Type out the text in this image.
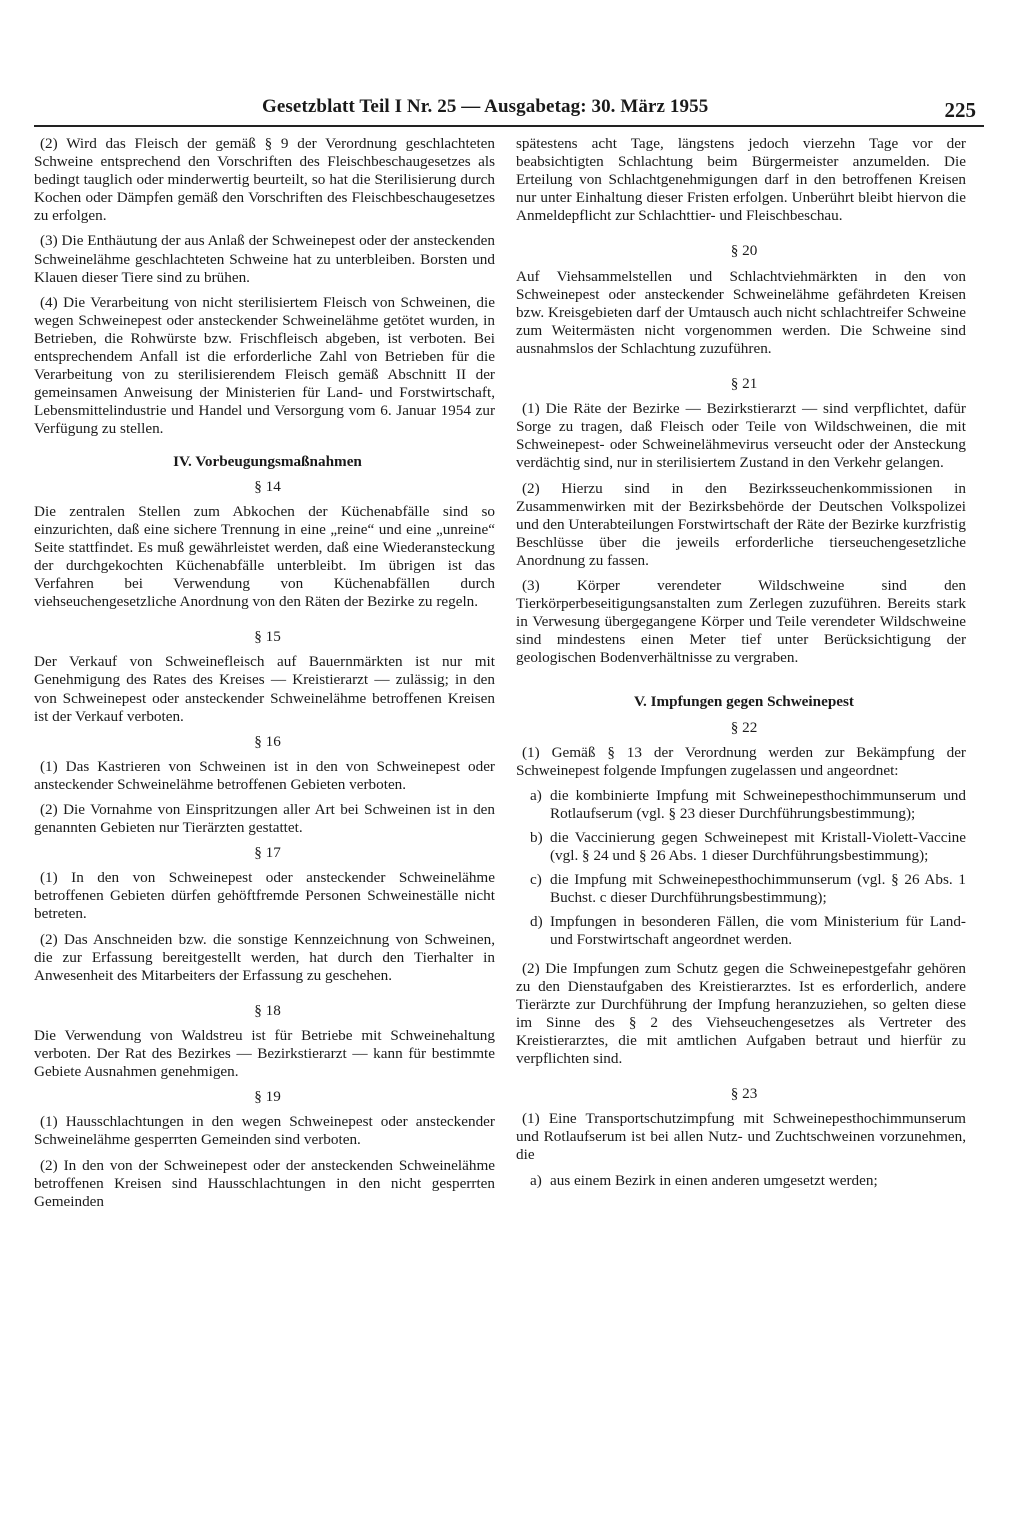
Gesetzblatt Teil I Nr. 25 — Ausgabetag: 30. März 1955	225

(2) Wird das Fleisch der gemäß § 9 der Verordnung geschlachteten Schweine entsprechend den Vorschriften des Fleischbeschaugesetzes als bedingt tauglich oder minderwertig beurteilt, so hat die Sterilisierung durch Kochen oder Dämpfen gemäß den Vorschriften des Fleischbeschaugesetzes zu erfolgen.

(3) Die Enthäutung der aus Anlaß der Schweinepest oder der ansteckenden Schweinelähme geschlachteten Schweine hat zu unterbleiben. Borsten und Klauen dieser Tiere sind zu brühen.

(4) Die Verarbeitung von nicht sterilisiertem Fleisch von Schweinen, die wegen Schweinepest oder ansteckender Schweinelähme getötet wurden, in Betrieben, die Rohwürste bzw. Frischfleisch abgeben, ist verboten. Bei entsprechendem Anfall ist die erforderliche Zahl von Betrieben für die Verarbeitung von zu sterilisierendem Fleisch gemäß Abschnitt II der gemeinsamen Anweisung der Ministerien für Land- und Forstwirtschaft, Lebensmittelindustrie und Handel und Versorgung vom 6. Januar 1954 zur Verfügung zu stellen.

IV. Vorbeugungsmaßnahmen

§ 14

Die zentralen Stellen zum Abkochen der Küchenabfälle sind so einzurichten, daß eine sichere Trennung in eine „reine“ und eine „unreine“ Seite stattfindet. Es muß gewährleistet werden, daß eine Wiederansteckung der durchgekochten Küchenabfälle unterbleibt. Im übrigen ist das Verfahren bei Verwendung von Küchenabfällen durch viehseuchengesetzliche Anordnung von den Räten der Bezirke zu regeln.

§ 15

Der Verkauf von Schweinefleisch auf Bauernmärkten ist nur mit Genehmigung des Rates des Kreises — Kreistierarzt — zulässig; in den von Schweinepest oder ansteckender Schweinelähme betroffenen Kreisen ist der Verkauf verboten.

§ 16

(1) Das Kastrieren von Schweinen ist in den von Schweinepest oder ansteckender Schweinelähme betroffenen Gebieten verboten.

(2) Die Vornahme von Einspritzungen aller Art bei Schweinen ist in den genannten Gebieten nur Tierärzten gestattet.

§ 17

(1) In den von Schweinepest oder ansteckender Schweinelähme betroffenen Gebieten dürfen gehöftfremde Personen Schweineställe nicht betreten.

(2) Das Anschneiden bzw. die sonstige Kennzeichnung von Schweinen, die zur Erfassung bereitgestellt werden, hat durch den Tierhalter in Anwesenheit des Mitarbeiters der Erfassung zu geschehen.

§ 18

Die Verwendung von Waldstreu ist für Betriebe mit Schweinehaltung verboten. Der Rat des Bezirkes — Bezirkstierarzt — kann für bestimmte Gebiete Ausnahmen genehmigen.

§ 19

(1) Hausschlachtungen in den wegen Schweinepest oder ansteckender Schweinelähme gesperrten Gemeinden sind verboten.

(2) In den von der Schweinepest oder der ansteckenden Schweinelähme betroffenen Kreisen sind Hausschlachtungen in den nicht gesperrten Gemeinden

spätestens acht Tage, längstens jedoch vierzehn Tage vor der beabsichtigten Schlachtung beim Bürgermeister anzumelden. Die Erteilung von Schlachtgenehmigungen darf in den betroffenen Kreisen nur unter Einhaltung dieser Fristen erfolgen. Unberührt bleibt hiervon die Anmeldepflicht zur Schlachttier- und Fleischbeschau.

§ 20

Auf Viehsammelstellen und Schlachtviehmärkten in den von Schweinepest oder ansteckender Schweinelähme gefährdeten Kreisen bzw. Kreisgebieten darf der Umtausch auch nicht schlachtreifer Schweine zum Weitermästen nicht vorgenommen werden. Die Schweine sind ausnahmslos der Schlachtung zuzuführen.

§ 21

(1) Die Räte der Bezirke — Bezirkstierarzt — sind verpflichtet, dafür Sorge zu tragen, daß Fleisch oder Teile von Wildschweinen, die mit Schweinepest- oder Schweinelähmevirus verseucht oder der Ansteckung verdächtig sind, nur in sterilisiertem Zustand in den Verkehr gelangen.

(2) Hierzu sind in den Bezirksseuchenkommissionen in Zusammenwirken mit der Bezirksbehörde der Deutschen Volkspolizei und den Unterabteilungen Forstwirtschaft der Räte der Bezirke kurzfristig Beschlüsse über die jeweils erforderliche tierseuchengesetzliche Anordnung zu fassen.

(3) Körper verendeter Wildschweine sind den Tierkörperbeseitigungsanstalten zum Zerlegen zuzuführen. Bereits stark in Verwesung übergegangene Körper und Teile verendeter Wildschweine sind mindestens einen Meter tief unter Berücksichtigung der geologischen Bodenverhältnisse zu vergraben.

V. Impfungen gegen Schweinepest

§ 22

(1) Gemäß § 13 der Verordnung werden zur Bekämpfung der Schweinepest folgende Impfungen zugelassen und angeordnet:

a) die kombinierte Impfung mit Schweinepesthochimmunserum und Rotlaufserum (vgl. § 23 dieser Durchführungsbestimmung);
b) die Vaccinierung gegen Schweinepest mit Kristall-Violett-Vaccine (vgl. § 24 und § 26 Abs. 1 dieser Durchführungsbestimmung);
c) die Impfung mit Schweinepesthochimmunserum (vgl. § 26 Abs. 1 Buchst. c dieser Durchführungsbestimmung);
d) Impfungen in besonderen Fällen, die vom Ministerium für Land- und Forstwirtschaft angeordnet werden.

(2) Die Impfungen zum Schutz gegen die Schweinepestgefahr gehören zu den Dienstaufgaben des Kreistierarztes. Ist es erforderlich, andere Tierärzte zur Durchführung der Impfung heranzuziehen, so gelten diese im Sinne des § 2 des Viehseuchengesetzes als Vertreter des Kreistierarztes, die mit amtlichen Aufgaben betraut und hierfür zu verpflichten sind.

§ 23

(1) Eine Transportschutzimpfung mit Schweinepesthochimmunserum und Rotlaufserum ist bei allen Nutz- und Zuchtschweinen vorzunehmen, die

a) aus einem Bezirk in einen anderen umgesetzt werden;
